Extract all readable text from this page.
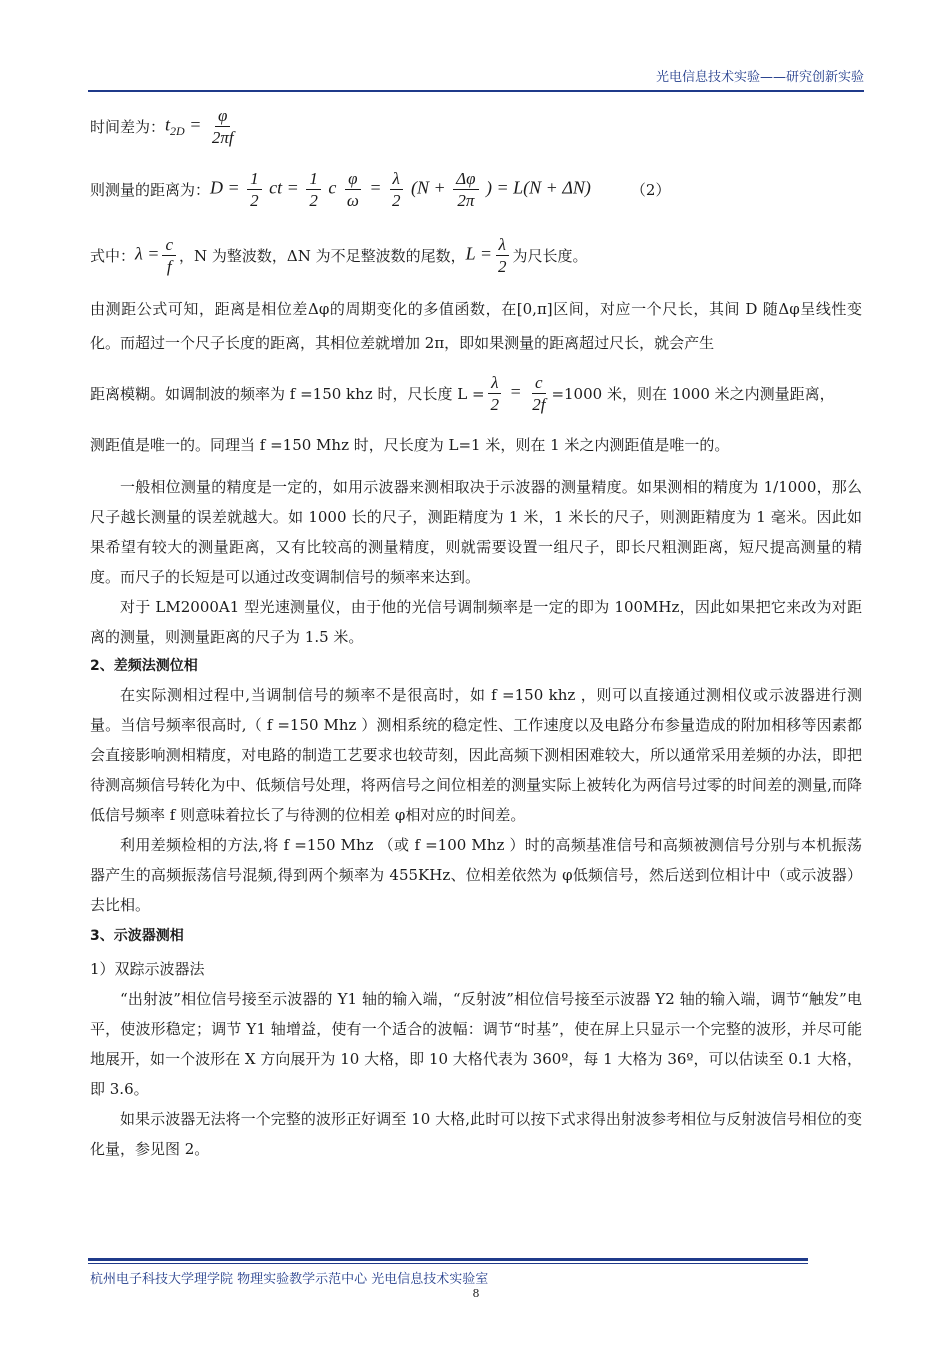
光电信息技术实验——研究创新实验
时间差为： $t_{2D} = \frac{\varphi}{2\pi f}$
则测量的距离为： $D = \frac{1}{2}$ ct = $\frac{1}{2}$ c $\frac{\varphi}{\omega} = \frac{\lambda}{2} (N + \frac{\Delta\varphi}{2\pi}$ ) = L(N + ΔN)	（2）
式中： $\lambda = \frac{c}{f}$ ，N 为整波数，ΔN 为不足整波数的尾数， $L = \frac{\lambda}{2}$ 为尺长度。

由测距公式可知，距离是相位差Δφ的周期变化的多值函数，在[0,π]区间，对应一个尺长，其间 D 随Δφ呈线性变化。而超过一个尺子长度的距离，其相位差就增加 2π，即如果测量的距离超过尺长，就会产生

距离模糊。如调制波的频率为 f =150 khz 时，尺长度 $L = \frac{\lambda}{2} = \frac{c}{2f} =1000$ 米，则在 1000 米之内测量距离，

测距值是唯一的。同理当 f =150 Mhz 时，尺长度为 L=1 米，则在 1 米之内测距值是唯一的。

一般相位测量的精度是一定的，如用示波器来测相取决于示波器的测量精度。如果测相的精度为 1/1000，那么尺子越长测量的误差就越大。如 1000 长的尺子，测距精度为 1 米，1 米长的尺子，则测距精度为 1 毫米。因此如果希望有较大的测量距离，又有比较高的测量精度，则就需要设置一组尺子，即长尺粗测距离，短尺提高测量的精度。而尺子的长短是可以通过改变调制信号的频率来达到。

对于 LM2000A1 型光速测量仪，由于他的光信号调制频率是一定的即为 100MHz，因此如果把它来改为对距离的测量，则测量距离的尺子为 1.5 米。

2、差频法测位相

在实际测相过程中,当调制信号的频率不是很高时，如 f =150 khz ，则可以直接通过测相仪或示波器进行测量。当信号频率很高时,（ f =150 Mhz ）测相系统的稳定性、工作速度以及电路分布参量造成的附加相移等因素都会直接影响测相精度，对电路的制造工艺要求也较苛刻，因此高频下测相困难较大，所以通常采用差频的办法，即把待测高频信号转化为中、低频信号处理，将两信号之间位相差的测量实际上被转化为两信号过零的时间差的测量,而降低信号频率 f 则意味着拉长了与待测的位相差 φ相对应的时间差。

利用差频检相的方法,将 f =150 Mhz （或 f =100 Mhz ）时的高频基准信号和高频被测信号分别与本机振荡器产生的高频振荡信号混频,得到两个频率为 455KHz、位相差依然为 φ低频信号，然后送到位相计中（或示波器）去比相。

3、示波器测相

1）双踪示波器法

“出射波”相位信号接至示波器的 Y1 轴的输入端，“反射波”相位信号接至示波器 Y2 轴的输入端，调节“触发”电平，使波形稳定；调节 Y1 轴增益，使有一个适合的波幅：调节“时基”，使在屏上只显示一个完整的波形，并尽可能地展开，如一个波形在 X 方向展开为 10 大格，即 10 大格代表为 360º，每 1 大格为 36º，可以估读至 0.1 大格，即 3.6。

如果示波器无法将一个完整的波形正好调至 10 大格,此时可以按下式求得出射波参考相位与反射波信号相位的变化量，参见图 2。

杭州电子科技大学理学院 物理实验教学示范中心 光电信息技术实验室
8
